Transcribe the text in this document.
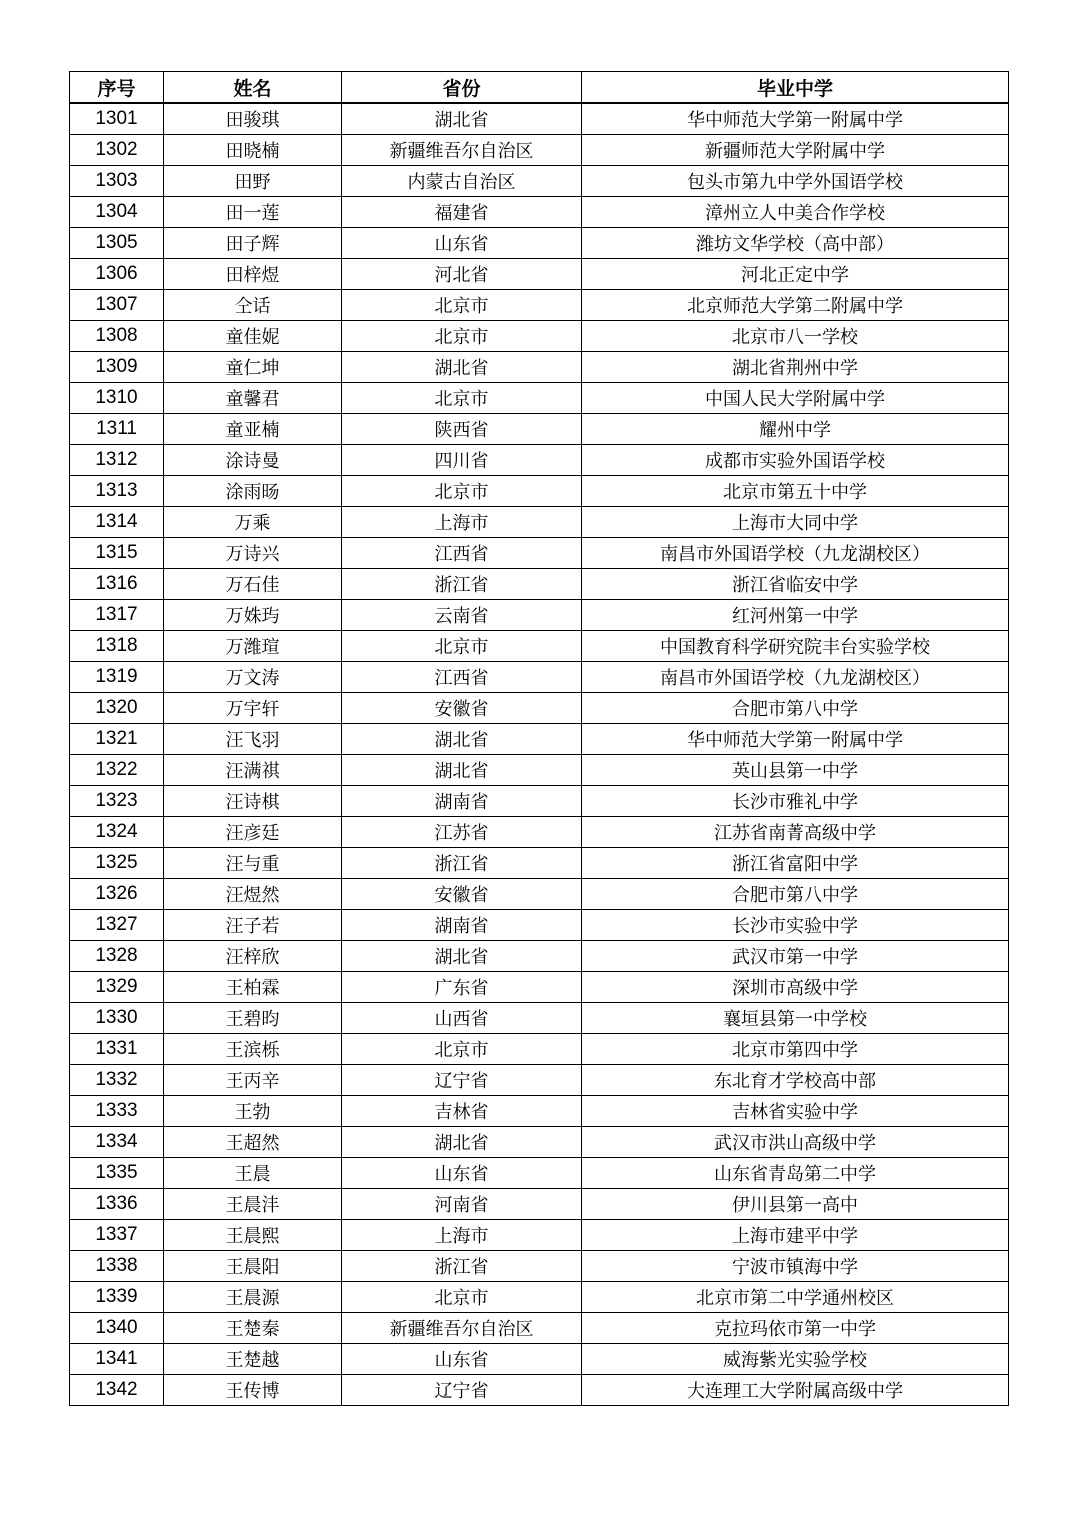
序号	姓名	省份	毕业中学
1301	田骏琪	湖北省	华中师范大学第一附属中学
1302	田晓楠	新疆维吾尔自治区	新疆师范大学附属中学
1303	田野	内蒙古自治区	包头市第九中学外国语学校
1304	田一莲	福建省	漳州立人中美合作学校
1305	田子辉	山东省	潍坊文华学校（高中部）
1306	田梓煜	河北省	河北正定中学
1307	仝话	北京市	北京师范大学第二附属中学
1308	童佳妮	北京市	北京市八一学校
1309	童仁坤	湖北省	湖北省荆州中学
1310	童馨君	北京市	中国人民大学附属中学
1311	童亚楠	陕西省	耀州中学
1312	涂诗曼	四川省	成都市实验外国语学校
1313	涂雨旸	北京市	北京市第五十中学
1314	万乘	上海市	上海市大同中学
1315	万诗兴	江西省	南昌市外国语学校（九龙湖校区）
1316	万石佳	浙江省	浙江省临安中学
1317	万姝玙	云南省	红河州第一中学
1318	万潍瑄	北京市	中国教育科学研究院丰台实验学校
1319	万文涛	江西省	南昌市外国语学校（九龙湖校区）
1320	万宇轩	安徽省	合肥市第八中学
1321	汪飞羽	湖北省	华中师范大学第一附属中学
1322	汪满祺	湖北省	英山县第一中学
1323	汪诗棋	湖南省	长沙市雅礼中学
1324	汪彦廷	江苏省	江苏省南菁高级中学
1325	汪与重	浙江省	浙江省富阳中学
1326	汪煜然	安徽省	合肥市第八中学
1327	汪子若	湖南省	长沙市实验中学
1328	汪梓欣	湖北省	武汉市第一中学
1329	王柏霖	广东省	深圳市高级中学
1330	王碧昀	山西省	襄垣县第一中学校
1331	王滨栎	北京市	北京市第四中学
1332	王丙辛	辽宁省	东北育才学校高中部
1333	王勃	吉林省	吉林省实验中学
1334	王超然	湖北省	武汉市洪山高级中学
1335	王晨	山东省	山东省青岛第二中学
1336	王晨沣	河南省	伊川县第一高中
1337	王晨熙	上海市	上海市建平中学
1338	王晨阳	浙江省	宁波市镇海中学
1339	王晨源	北京市	北京市第二中学通州校区
1340	王楚秦	新疆维吾尔自治区	克拉玛依市第一中学
1341	王楚越	山东省	威海紫光实验学校
1342	王传博	辽宁省	大连理工大学附属高级中学
